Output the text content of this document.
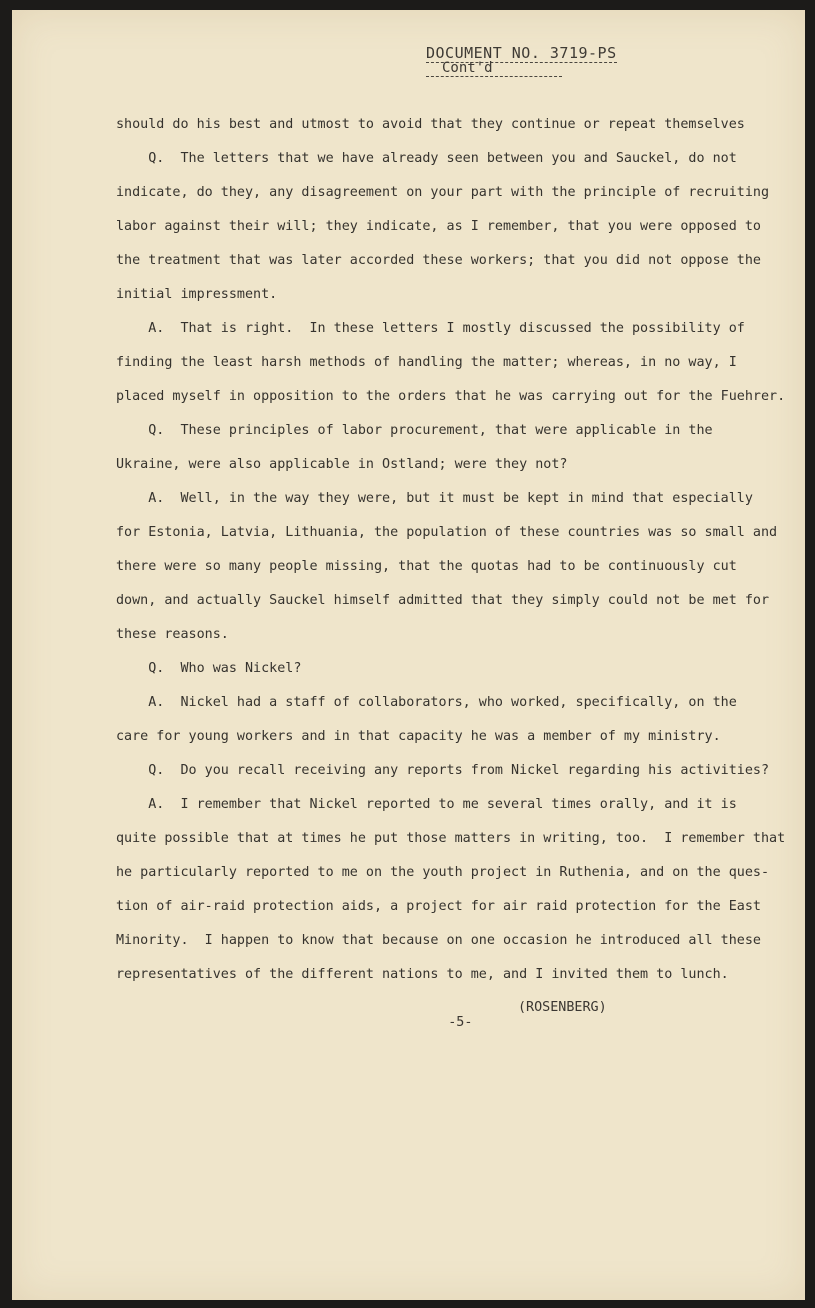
DOCUMENT NO. 3719-PS
Cont'd
should do his best and utmost to avoid that they continue or repeat themselves
Q.  The letters that we have already seen between you and Sauckel, do not
indicate, do they, any disagreement on your part with the principle of recruiting
labor against their will; they indicate, as I remember, that you were opposed to
the treatment that was later accorded these workers; that you did not oppose the
initial impressment.
A.  That is right.  In these letters I mostly discussed the possibility of
finding the least harsh methods of handling the matter; whereas, in no way, I
placed myself in opposition to the orders that he was carrying out for the Fuehrer.
Q.  These principles of labor procurement, that were applicable in the
Ukraine, were also applicable in Ostland; were they not?
A.  Well, in the way they were, but it must be kept in mind that especially
for Estonia, Latvia, Lithuania, the population of these countries was so small and
there were so many people missing, that the quotas had to be continuously cut
down, and actually Sauckel himself admitted that they simply could not be met for
these reasons.
Q.  Who was Nickel?
A.  Nickel had a staff of collaborators, who worked, specifically, on the
care for young workers and in that capacity he was a member of my ministry.
Q.  Do you recall receiving any reports from Nickel regarding his activities?
A.  I remember that Nickel reported to me several times orally, and it is
quite possible that at times he put those matters in writing, too.  I remember that
he particularly reported to me on the youth project in Ruthenia, and on the ques-
tion of air-raid protection aids, a project for air raid protection for the East
Minority.  I happen to know that because on one occasion he introduced all these
representatives of the different nations to me, and I invited them to lunch.

-5-

(ROSENBERG)
